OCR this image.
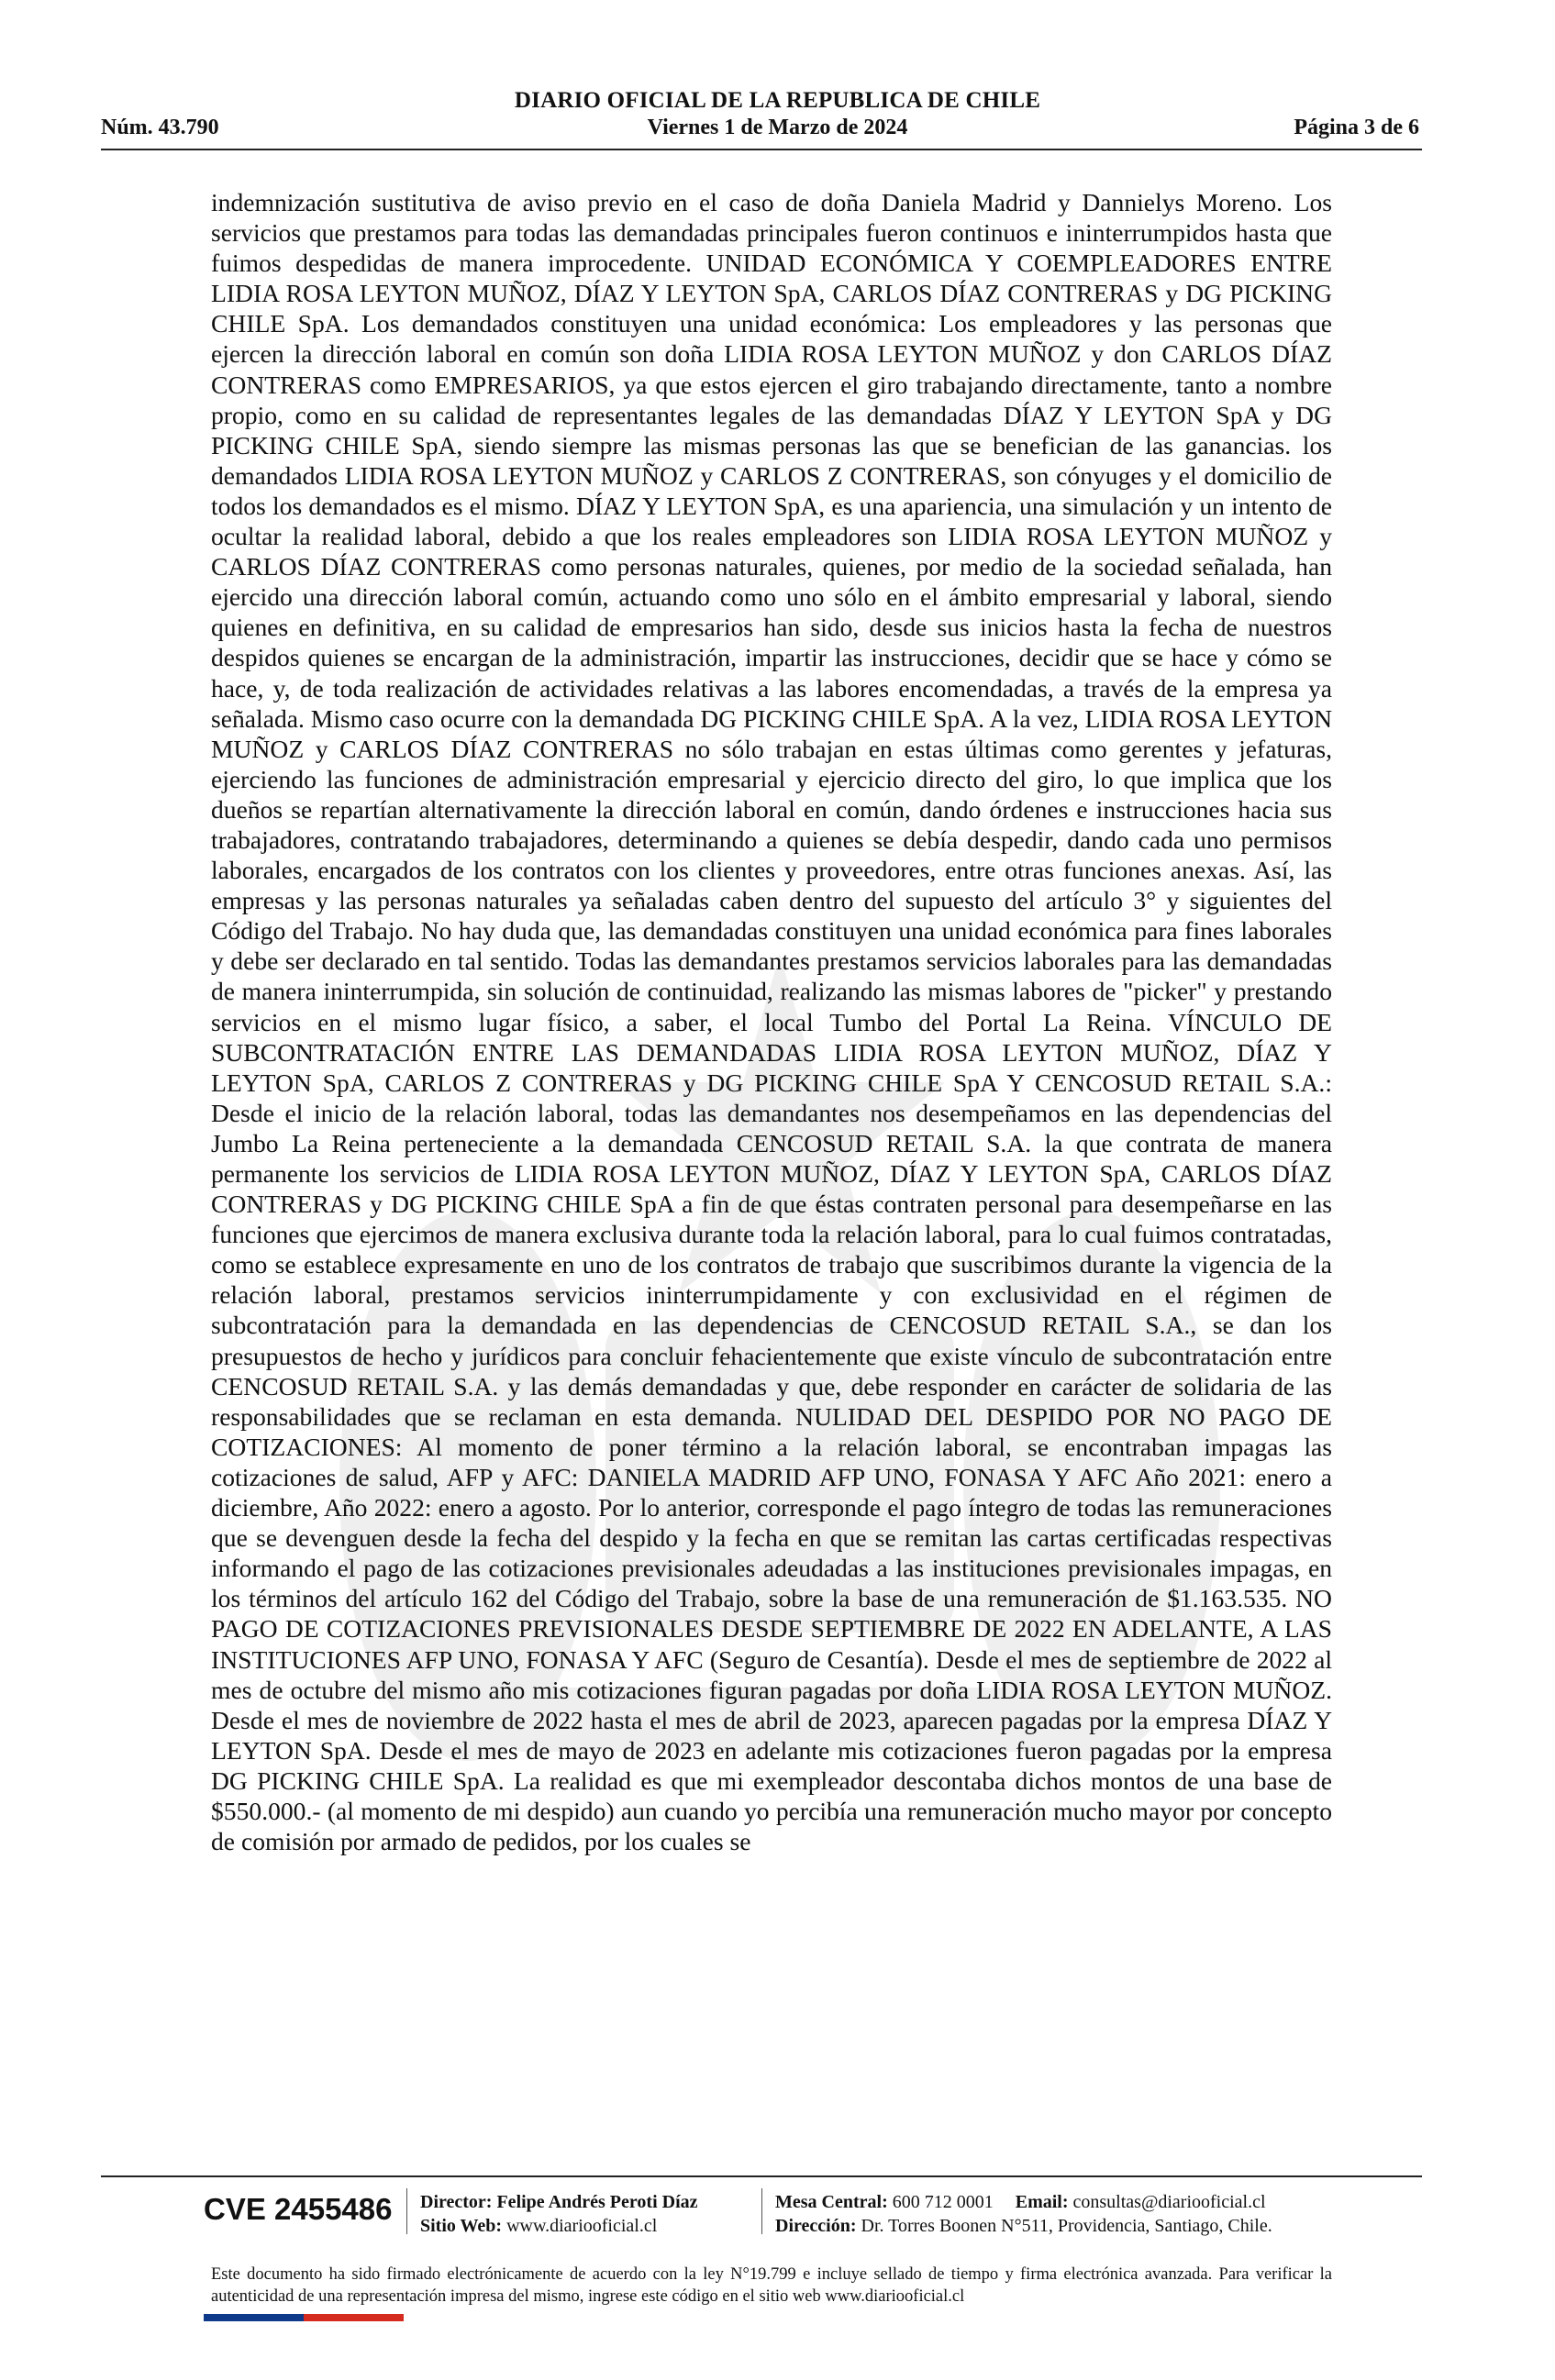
DIARIO OFICIAL DE LA REPUBLICA DE CHILE
Núm. 43.790	Viernes 1 de Marzo de 2024	Página 3 de 6
indemnización sustitutiva de aviso previo en el caso de doña Daniela Madrid y Dannielys Moreno. Los servicios que prestamos para todas las demandadas principales fueron continuos e ininterrumpidos hasta que fuimos despedidas de manera improcedente. UNIDAD ECONÓMICA Y COEMPLEADORES ENTRE LIDIA ROSA LEYTON MUÑOZ, DÍAZ Y LEYTON SpA, CARLOS DÍAZ CONTRERAS y DG PICKING CHILE SpA. Los demandados constituyen una unidad económica: Los empleadores y las personas que ejercen la dirección laboral en común son doña LIDIA ROSA LEYTON MUÑOZ y don CARLOS DÍAZ CONTRERAS como EMPRESARIOS, ya que estos ejercen el giro trabajando directamente, tanto a nombre propio, como en su calidad de representantes legales de las demandadas DÍAZ Y LEYTON SpA y DG PICKING CHILE SpA, siendo siempre las mismas personas las que se benefician de las ganancias. los demandados LIDIA ROSA LEYTON MUÑOZ y CARLOS Z CONTRERAS, son cónyuges y el domicilio de todos los demandados es el mismo. DÍAZ Y LEYTON SpA, es una apariencia, una simulación y un intento de ocultar la realidad laboral, debido a que los reales empleadores son LIDIA ROSA LEYTON MUÑOZ y CARLOS DÍAZ CONTRERAS como personas naturales, quienes, por medio de la sociedad señalada, han ejercido una dirección laboral común, actuando como uno sólo en el ámbito empresarial y laboral, siendo quienes en definitiva, en su calidad de empresarios han sido, desde sus inicios hasta la fecha de nuestros despidos quienes se encargan de la administración, impartir las instrucciones, decidir que se hace y cómo se hace, y, de toda realización de actividades relativas a las labores encomendadas, a través de la empresa ya señalada. Mismo caso ocurre con la demandada DG PICKING CHILE SpA. A la vez, LIDIA ROSA LEYTON MUÑOZ y CARLOS DÍAZ CONTRERAS no sólo trabajan en estas últimas como gerentes y jefaturas, ejerciendo las funciones de administración empresarial y ejercicio directo del giro, lo que implica que los dueños se repartían alternativamente la dirección laboral en común, dando órdenes e instrucciones hacia sus trabajadores, contratando trabajadores, determinando a quienes se debía despedir, dando cada uno permisos laborales, encargados de los contratos con los clientes y proveedores, entre otras funciones anexas. Así, las empresas y las personas naturales ya señaladas caben dentro del supuesto del artículo 3° y siguientes del Código del Trabajo. No hay duda que, las demandadas constituyen una unidad económica para fines laborales y debe ser declarado en tal sentido. Todas las demandantes prestamos servicios laborales para las demandadas de manera ininterrumpida, sin solución de continuidad, realizando las mismas labores de "picker" y prestando servicios en el mismo lugar físico, a saber, el local Tumbo del Portal La Reina. VÍNCULO DE SUBCONTRATACIÓN ENTRE LAS DEMANDADAS LIDIA ROSA LEYTON MUÑOZ, DÍAZ Y LEYTON SpA, CARLOS Z CONTRERAS y DG PICKING CHILE SpA Y CENCOSUD RETAIL S.A.: Desde el inicio de la relación laboral, todas las demandantes nos desempeñamos en las dependencias del Jumbo La Reina perteneciente a la demandada CENCOSUD RETAIL S.A. la que contrata de manera permanente los servicios de LIDIA ROSA LEYTON MUÑOZ, DÍAZ Y LEYTON SpA, CARLOS DÍAZ CONTRERAS y DG PICKING CHILE SpA a fin de que éstas contraten personal para desempeñarse en las funciones que ejercimos de manera exclusiva durante toda la relación laboral, para lo cual fuimos contratadas, como se establece expresamente en uno de los contratos de trabajo que suscribimos durante la vigencia de la relación laboral, prestamos servicios ininterrumpidamente y con exclusividad en el régimen de subcontratación para la demandada en las dependencias de CENCOSUD RETAIL S.A., se dan los presupuestos de hecho y jurídicos para concluir fehacientemente que existe vínculo de subcontratación entre CENCOSUD RETAIL S.A. y las demás demandadas y que, debe responder en carácter de solidaria de las responsabilidades que se reclaman en esta demanda. NULIDAD DEL DESPIDO POR NO PAGO DE COTIZACIONES: Al momento de poner término a la relación laboral, se encontraban impagas las cotizaciones de salud, AFP y AFC: DANIELA MADRID AFP UNO, FONASA Y AFC Año 2021: enero a diciembre, Año 2022: enero a agosto. Por lo anterior, corresponde el pago íntegro de todas las remuneraciones que se devenguen desde la fecha del despido y la fecha en que se remitan las cartas certificadas respectivas informando el pago de las cotizaciones previsionales adeudadas a las instituciones previsionales impagas, en los términos del artículo 162 del Código del Trabajo, sobre la base de una remuneración de $1.163.535. NO PAGO DE COTIZACIONES PREVISIONALES DESDE SEPTIEMBRE DE 2022 EN ADELANTE, A LAS INSTITUCIONES AFP UNO, FONASA Y AFC (Seguro de Cesantía). Desde el mes de septiembre de 2022 al mes de octubre del mismo año mis cotizaciones figuran pagadas por doña LIDIA ROSA LEYTON MUÑOZ. Desde el mes de noviembre de 2022 hasta el mes de abril de 2023, aparecen pagadas por la empresa DÍAZ Y LEYTON SpA. Desde el mes de mayo de 2023 en adelante mis cotizaciones fueron pagadas por la empresa DG PICKING CHILE SpA. La realidad es que mi exempleador descontaba dichos montos de una base de $550.000.- (al momento de mi despido) aun cuando yo percibía una remuneración mucho mayor por concepto de comisión por armado de pedidos, por los cuales se
CVE 2455486 Director: Felipe Andrés Peroti Díaz
Sitio Web: www.diariooficial.cl
Mesa Central: 600 712 0001 Email: consultas@diariooficial.cl
Dirección: Dr. Torres Boonen N°511, Providencia, Santiago, Chile.
Este documento ha sido firmado electrónicamente de acuerdo con la ley N°19.799 e incluye sellado de tiempo y firma electrónica avanzada. Para verificar la autenticidad de una representación impresa del mismo, ingrese este código en el sitio web www.diariooficial.cl
